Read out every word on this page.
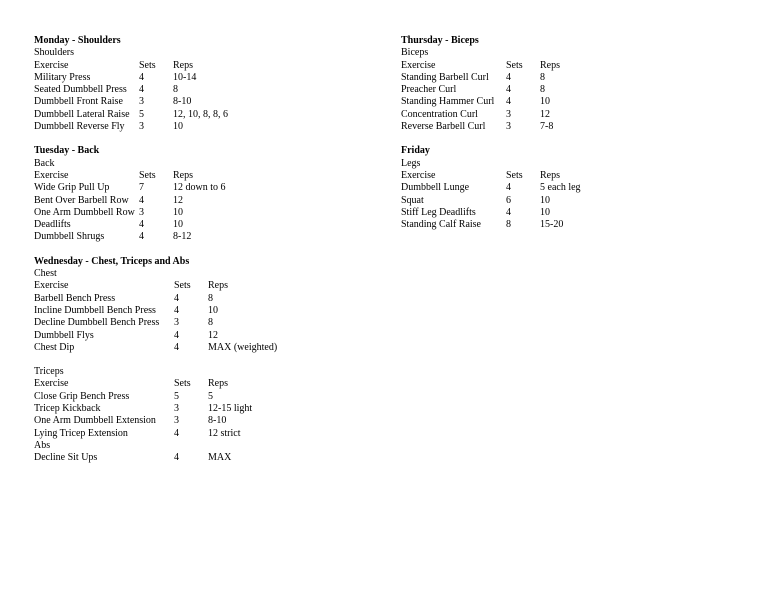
Monday - Shoulders
Shoulders
Exercise	Sets	Reps
Military Press	4	10-14
Seated Dumbbell Press	4	8
Dumbbell Front Raise	3	8-10
Dumbbell Lateral Raise 5	12, 10, 8, 8, 6
Dumbbell Reverse Fly	3	10
Tuesday - Back
Back
Exercise	Sets	Reps
Wide Grip Pull Up	7	12 down to 6
Bent Over Barbell Row	4	12
One Arm Dumbbell Row 3	10
Deadlifts	4	10
Dumbbell Shrugs	4	8-12
Wednesday - Chest, Triceps and Abs
Chest
Exercise	Sets	Reps
Barbell Bench Press	4	8
Incline Dumbbell Bench Press	4	10
Decline Dumbbell Bench Press	3	8
Dumbbell Flys	4	12
Chest Dip	4	MAX (weighted)
Triceps
Exercise	Sets	Reps
Close Grip Bench Press	5	5
Tricep Kickback	3	12-15 light
One Arm Dumbbell Extension	3	8-10
Lying Tricep Extension	4	12 strict
Abs
Decline Sit Ups	4	MAX
Thursday - Biceps
Biceps
Exercise	Sets	Reps
Standing Barbell Curl	4	8
Preacher Curl	4	8
Standing Hammer Curl	4	10
Concentration Curl	3	12
Reverse Barbell Curl	3	7-8
Friday
Legs
Exercise	Sets	Reps
Dumbbell Lunge	4	5 each leg
Squat	6	10
Stiff Leg Deadlifts	4	10
Standing Calf Raise	8	15-20
